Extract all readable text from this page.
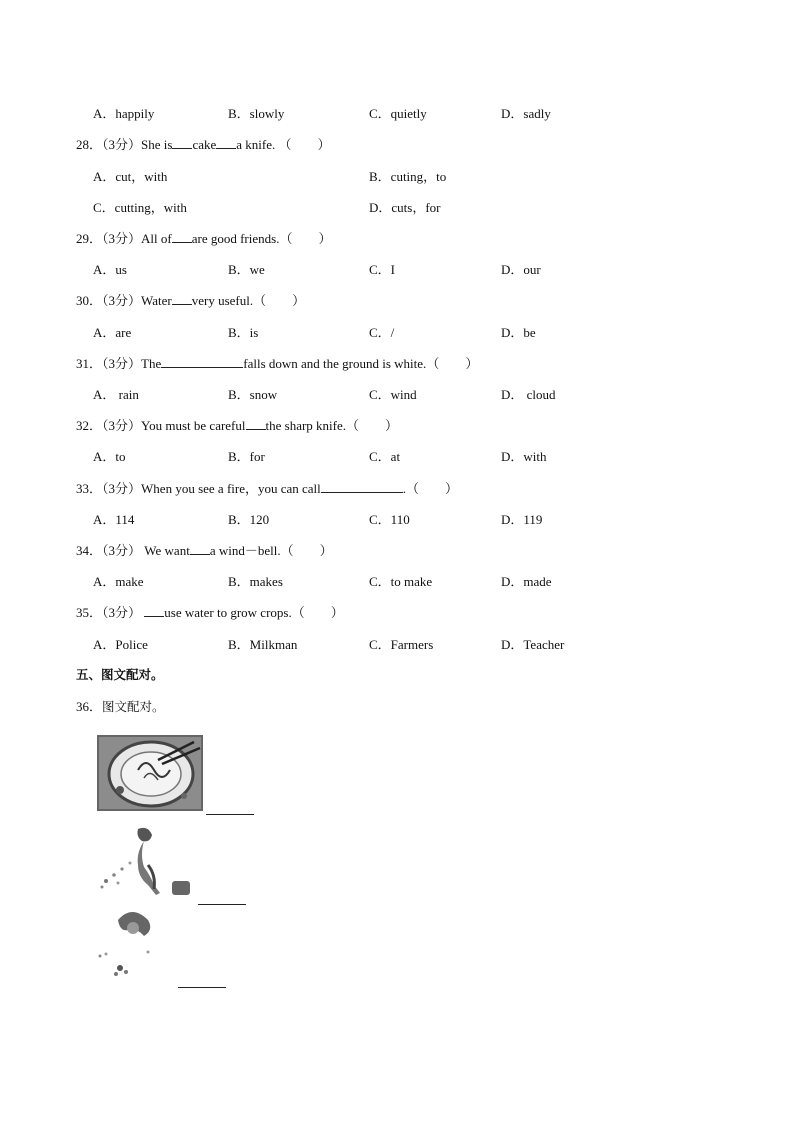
A．happily	B．slowly	C．quietly	D．sadly
28．（3分）She is cake a knife. （　　）
A．cut，with	B．cuting，to
C．cutting，with	D．cuts，for
29．（3分）All of are good friends.（　　）
A．us	B．we	C．I	D．our
30．（3分）Water very useful.（　　）
A．are	B．is	C．/	D．be
31．（3分）The	falls down and the ground is white.（　　）
A． rain	B．snow	C．wind	D． cloud
32．（3分）You must be careful the sharp knife.（　　）
A．to	B．for	C．at	D．with
33．（3分）When you see a fire，you can call	.（　　）
A．114	B．120	C．110	D．119
34．（3分） We want a wind－bell.（　　）
A．make	B．makes	C．to make	D．made
35．（3分） use water to grow crops.（　　）
A．Police	B．Milkman	C．Farmers	D．Teacher
五、图文配对。
36．图文配对。
